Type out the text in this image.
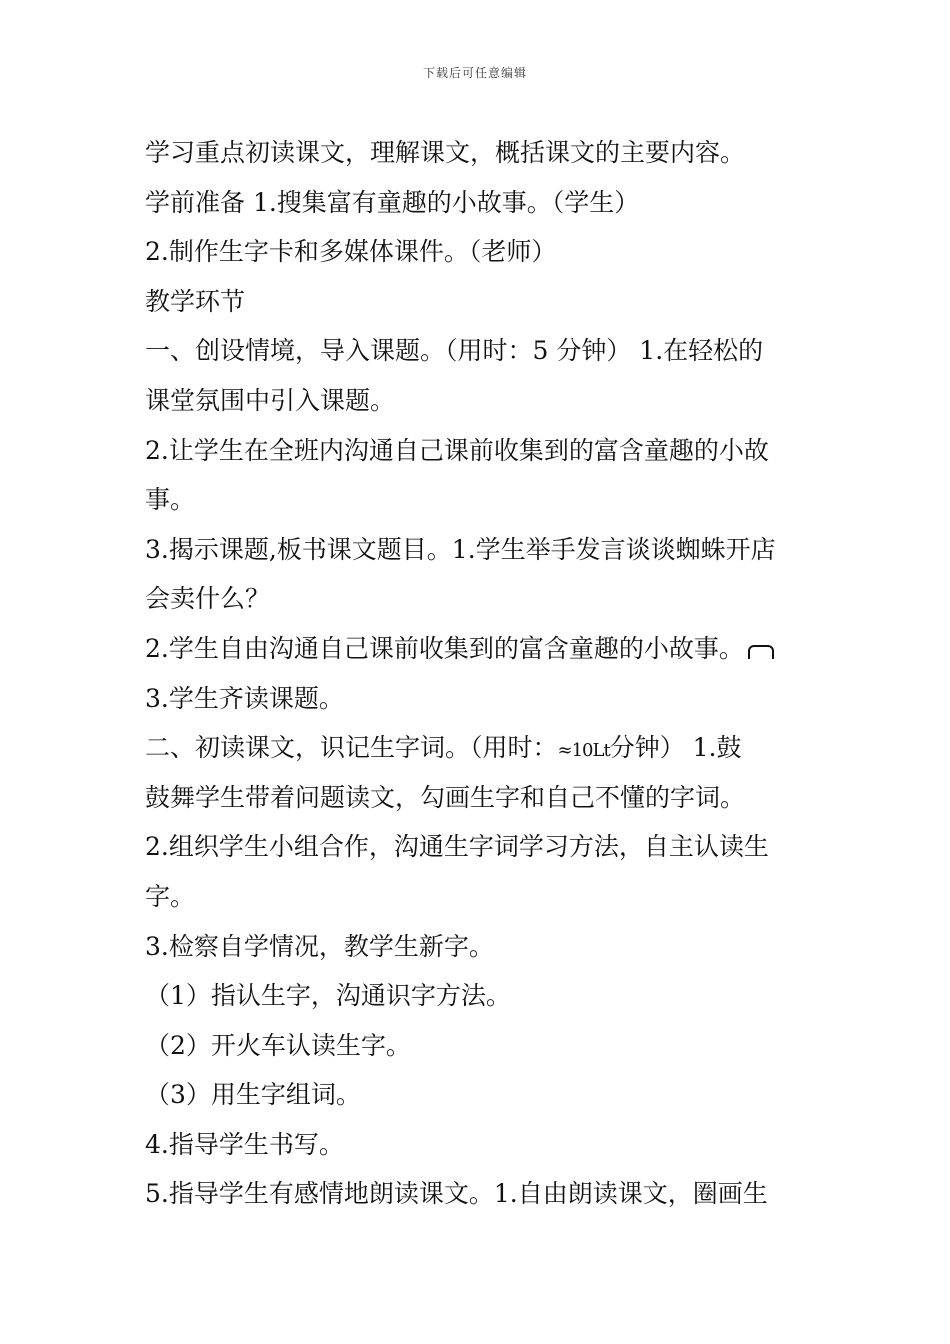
下载后可任意编辑
学习重点初读课文，理解课文，概括课文的主要内容。
学前准备 1.搜集富有童趣的小故事。（学生）
2.制作生字卡和多媒体课件。（老师）
教学环节
一、创设情境，导入课题。（用时：5 分钟） 1.在轻松的
课堂氛围中引入课题。
2.让学生在全班内沟通自己课前收集到的富含童趣的小故
事。
3.揭示课题,板书课文题目。1.学生举手发言谈谈蜘蛛开店
会卖什么？
2.学生自由沟通自己课前收集到的富含童趣的小故事。
3.学生齐读课题。
二、初读课文，识记生字词。（用时：≈10Lt分钟） 1.鼓
鼓舞学生带着问题读文，勾画生字和自己不懂的字词。
2.组织学生小组合作，沟通生字词学习方法，自主认读生
字。
3.检察自学情况，教学生新字。
（1）指认生字，沟通识字方法。
（2）开火车认读生字。
（3）用生字组词。
4.指导学生书写。
5.指导学生有感情地朗读课文。1.自由朗读课文，圈画生
